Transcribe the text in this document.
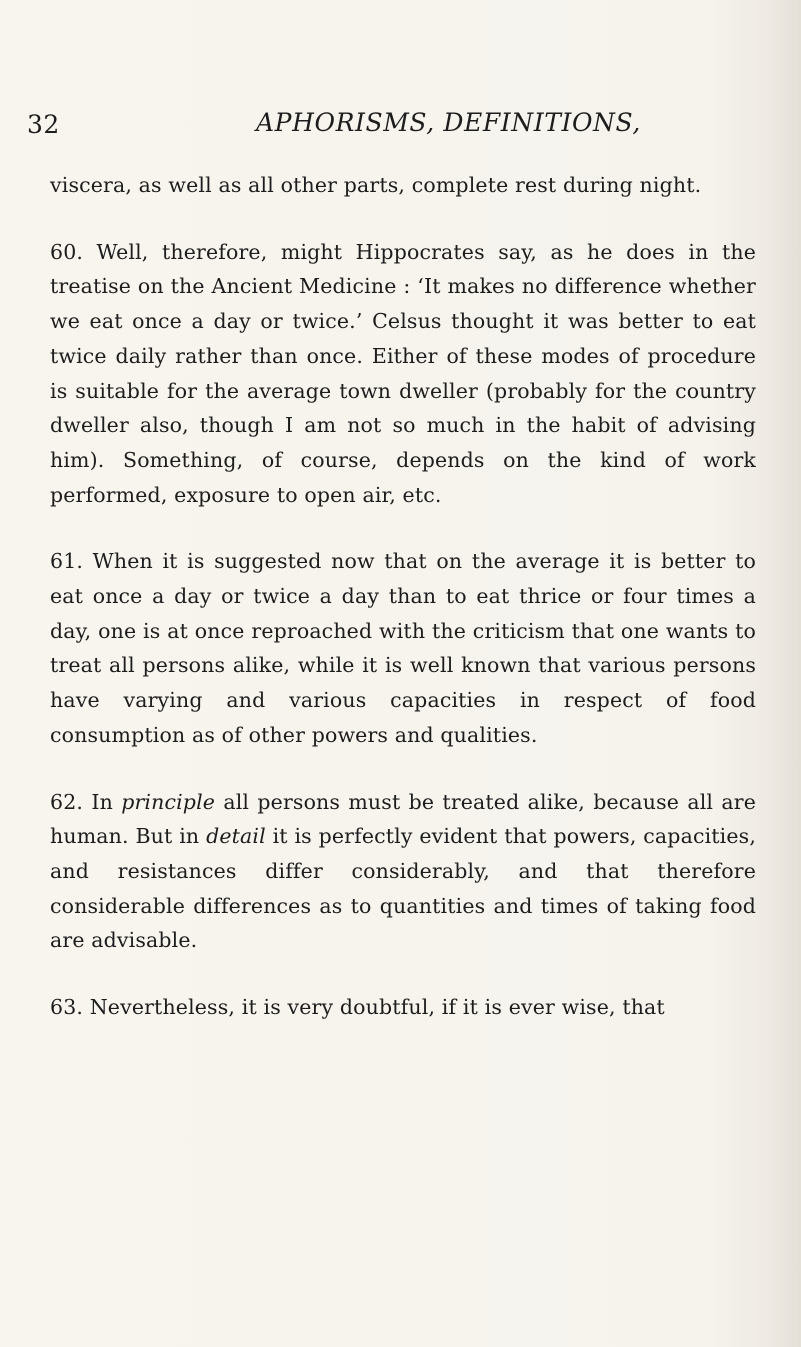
32	APHORISMS, DEFINITIONS,

viscera, as well as all other parts, complete rest during night.

60. Well, therefore, might Hippocrates say, as he does in the treatise on the Ancient Medicine : ‘It makes no difference whether we eat once a day or twice.’ Celsus thought it was better to eat twice daily rather than once. Either of these modes of procedure is suitable for the average town dweller (probably for the country dweller also, though I am not so much in the habit of advising him). Something, of course, depends on the kind of work performed, exposure to open air, etc.

61. When it is suggested now that on the average it is better to eat once a day or twice a day than to eat thrice or four times a day, one is at once reproached with the criticism that one wants to treat all persons alike, while it is well known that various persons have varying and various capacities in respect of food consumption as of other powers and qualities.

62. In principle all persons must be treated alike, because all are human. But in detail it is perfectly evident that powers, capacities, and resistances differ considerably, and that therefore considerable differences as to quantities and times of taking food are advisable.

63. Nevertheless, it is very doubtful, if it is ever wise, that
